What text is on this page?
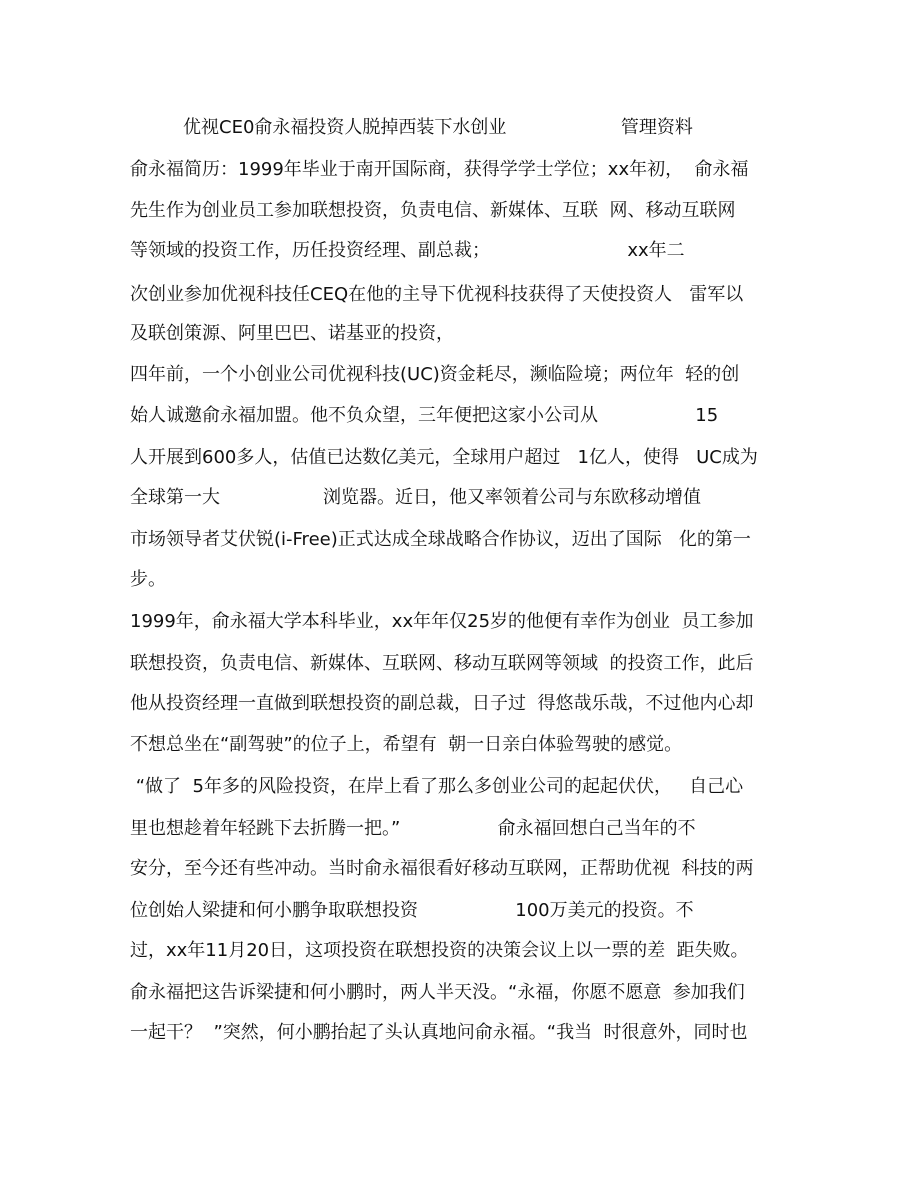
优视CE0俞永福投资人脱掉西装下水创业                    管理资料

俞永福简历：1999年毕业于南开国际商，获得学学士学位；xx年初，  俞永福

先生作为创业员工参加联想投资，负责电信、新媒体、互联  网、移动互联网

等领域的投资工作，历任投资经理、副总裁；                        xx年二

次创业参加优视科技任CEQ在他的主导下优视科技获得了天使投资人   雷军以

及联创策源、阿里巴巴、诺基亚的投资，

四年前，一个小创业公司优视科技(UC)资金耗尽，濒临险境；两位年  轻的创

始人诚邀俞永福加盟。他不负众望，三年便把这家小公司从                 15

人开展到600多人，估值已达数亿美元，全球用户超过   1亿人，使得   UC成为

全球第一大                  浏览器。近日，他又率领着公司与东欧移动增值

市场领导者艾伏锐(i-Free)正式达成全球战略合作协议，迈出了国际   化的第一

步。

1999年，俞永福大学本科毕业，xx年年仅25岁的他便有幸作为创业  员工参加

联想投资，负责电信、新媒体、互联网、移动互联网等领域  的投资工作，此后

他从投资经理一直做到联想投资的副总裁，日子过  得悠哉乐哉，不过他内心却

不想总坐在“副驾驶”的位子上，希望有  朝一日亲白体验驾驶的感觉。

“做了  5年多的风险投资，在岸上看了那么多创业公司的起起伏伏，   自己心

里也想趁着年轻跳下去折腾一把。”                 俞永福回想白己当年的不

安分，至今还有些冲动。当时俞永福很看好移动互联网，正帮助优视  科技的两

位创始人梁捷和何小鹏争取联想投资                 100万美元的投资。不

过，xx年11月20日，这项投资在联想投资的决策会议上以一票的差  距失败。

俞永福把这告诉梁捷和何小鹏时，两人半天没。“永福，你愿不愿意  参加我们

一起干？  ”突然，何小鹏抬起了头认真地问俞永福。“我当  时很意外，同时也
